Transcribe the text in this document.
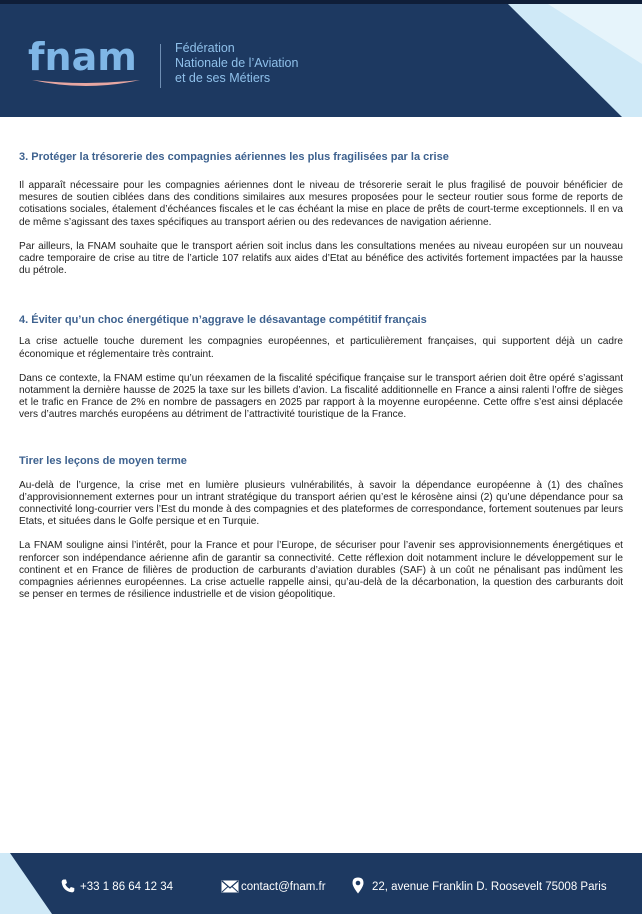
fnam	Fédération
Nationale de l’Aviation
et de ses Métiers
3. Protéger la trésorerie des compagnies aériennes les plus fragilisées par la crise

Il apparaît nécessaire pour les compagnies aériennes dont le niveau de trésorerie serait le plus fragilisé de pouvoir bénéficier de mesures de soutien ciblées dans des conditions similaires aux mesures proposées pour le secteur routier sous forme de reports de cotisations sociales, étalement d’échéances fiscales et le cas échéant la mise en place de prêts de court-terme exceptionnels. Il en va de même s’agissant des taxes spécifiques au transport aérien ou des redevances de navigation aérienne.

Par ailleurs, la FNAM souhaite que le transport aérien soit inclus dans les consultations menées au niveau européen sur un nouveau cadre temporaire de crise au titre de l’article 107 relatifs aux aides d’Etat au bénéfice des activités fortement impactées par la hausse du pétrole.

4. Éviter qu’un choc énergétique n’aggrave le désavantage compétitif français

La crise actuelle touche durement les compagnies européennes, et particulièrement françaises, qui supportent déjà un cadre économique et réglementaire très contraint.

Dans ce contexte, la FNAM estime qu’un réexamen de la fiscalité spécifique française sur le transport aérien doit être opéré s’agissant notamment la dernière hausse de 2025 la taxe sur les billets d’avion. La fiscalité additionnelle en France a ainsi ralenti l’offre de sièges et le trafic en France de 2% en nombre de passagers en 2025 par rapport à la moyenne européenne. Cette offre s’est ainsi déplacée vers d’autres marchés européens au détriment de l’attractivité touristique de la France.

Tirer les leçons de moyen terme

Au-delà de l’urgence, la crise met en lumière plusieurs vulnérabilités, à savoir la dépendance européenne à (1) des chaînes d’approvisionnement externes pour un intrant stratégique du transport aérien qu’est le kérosène ainsi (2) qu’une dépendance pour sa connectivité long-courrier vers l’Est du monde à des compagnies et des plateformes de correspondance, fortement soutenues par leurs Etats, et situées dans le Golfe persique et en Turquie.

La FNAM souligne ainsi l’intérêt, pour la France et pour l’Europe, de sécuriser pour l’avenir ses approvisionnements énergétiques et renforcer son indépendance aérienne afin de garantir sa connectivité. Cette réflexion doit notamment inclure le développement sur le continent et en France de filières de production de carburants d’aviation durables (SAF) à un coût ne pénalisant pas indûment les compagnies aériennes européennes. La crise actuelle rappelle ainsi, qu’au-delà de la décarbonation, la question des carburants doit se penser en termes de résilience industrielle et de vision géopolitique.

+33 1 86 64 12 34	contact@fnam.fr	22, avenue Franklin D. Roosevelt 75008 Paris
